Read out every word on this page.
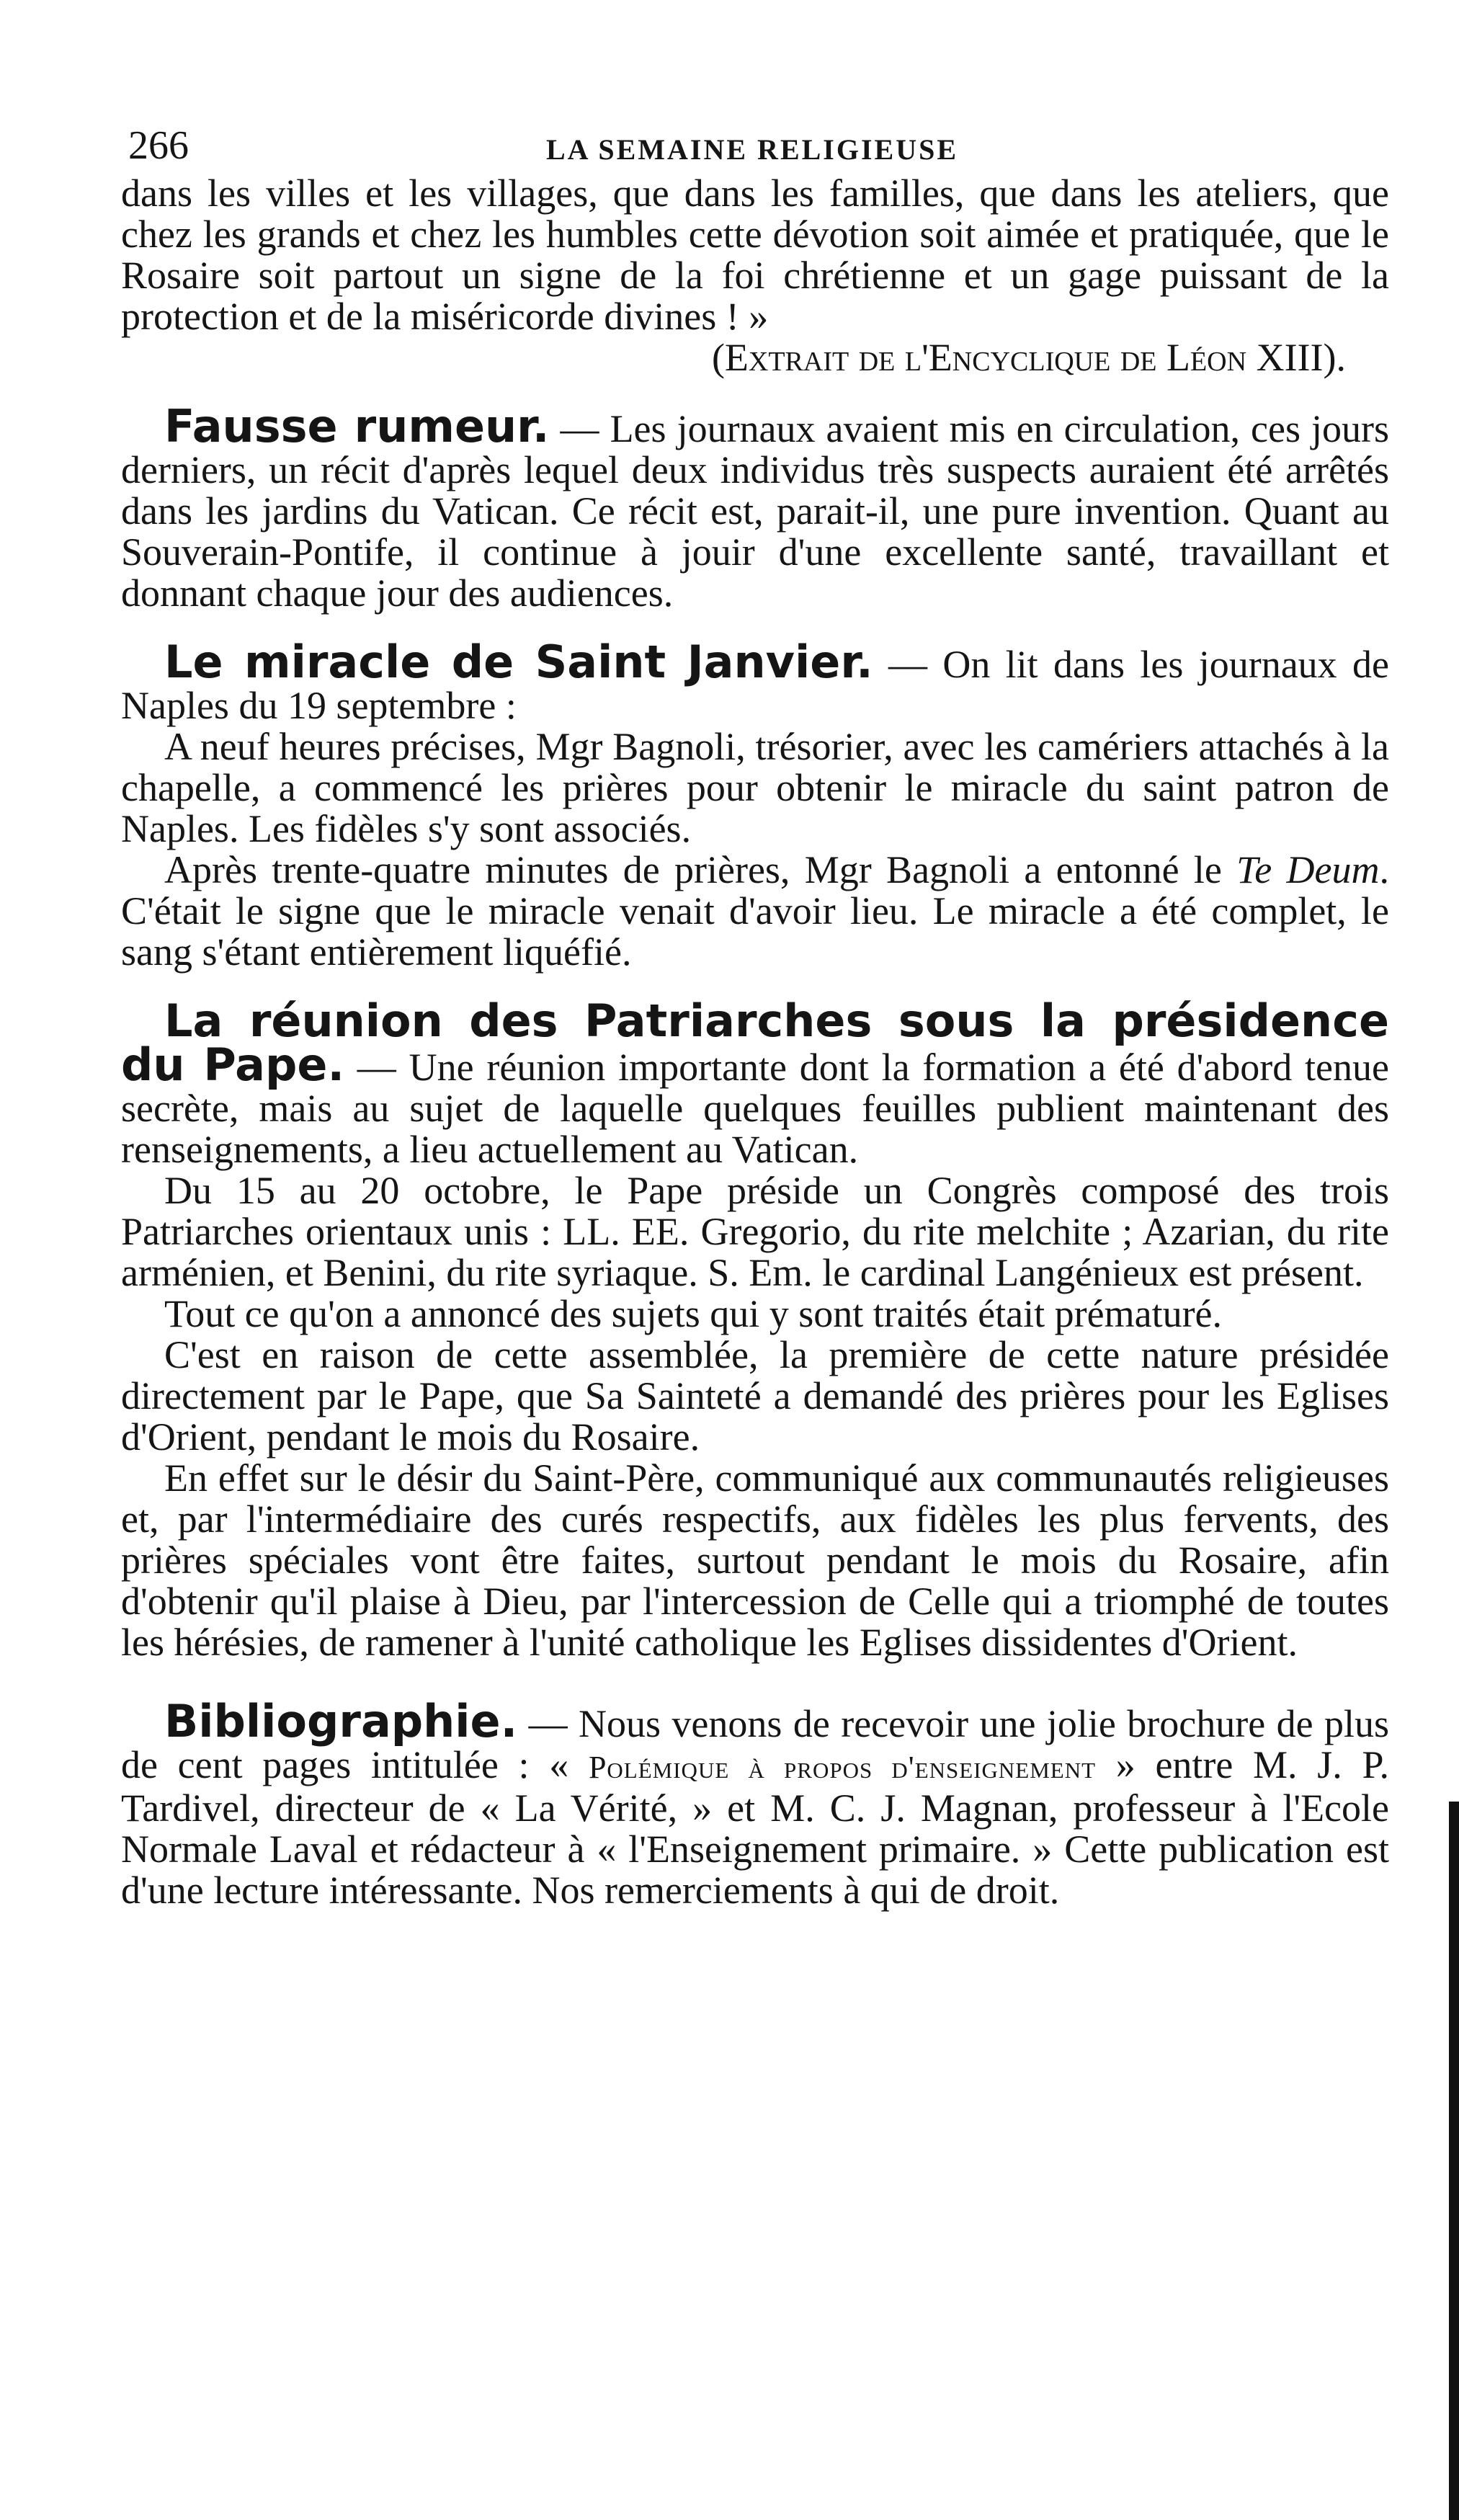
266	LA SEMAINE RELIGIEUSE

dans les villes et les villages, que dans les familles, que dans les ateliers, que chez les grands et chez les humbles cette dévotion soit aimée et pratiquée, que le Rosaire soit partout un signe de la foi chrétienne et un gage puissant de la protection et de la miséricorde divines ! »

(Extrait de l'Encyclique de Léon XIII).

Fausse rumeur. — Les journaux avaient mis en circulation, ces jours derniers, un récit d'après lequel deux individus très suspects auraient été arrêtés dans les jardins du Vatican. Ce récit est, parait-il, une pure invention. Quant au Souverain-Pontife, il continue à jouir d'une excellente santé, travaillant et donnant chaque jour des audiences.

Le miracle de Saint Janvier. — On lit dans les journaux de Naples du 19 septembre :

A neuf heures précises, Mgr Bagnoli, trésorier, avec les camériers attachés à la chapelle, a commencé les prières pour obtenir le miracle du saint patron de Naples. Les fidèles s'y sont associés.

Après trente-quatre minutes de prières, Mgr Bagnoli a entonné le Te Deum. C'était le signe que le miracle venait d'avoir lieu. Le miracle a été complet, le sang s'étant entièrement liquéfié.

La réunion des Patriarches sous la présidence du Pape. — Une réunion importante dont la formation a été d'abord tenue secrète, mais au sujet de laquelle quelques feuilles publient maintenant des renseignements, a lieu actuellement au Vatican.

Du 15 au 20 octobre, le Pape préside un Congrès composé des trois Patriarches orientaux unis : LL. EE. Gregorio, du rite melchite ; Azarian, du rite arménien, et Benini, du rite syriaque. S. Em. le cardinal Langénieux est présent.

Tout ce qu'on a annoncé des sujets qui y sont traités était prématuré.

C'est en raison de cette assemblée, la première de cette nature présidée directement par le Pape, que Sa Sainteté a demandé des prières pour les Eglises d'Orient, pendant le mois du Rosaire.

En effet sur le désir du Saint-Père, communiqué aux communautés religieuses et, par l'intermédiaire des curés respectifs, aux fidèles les plus fervents, des prières spéciales vont être faites, surtout pendant le mois du Rosaire, afin d'obtenir qu'il plaise à Dieu, par l'intercession de Celle qui a triomphé de toutes les hérésies, de ramener à l'unité catholique les Eglises dissidentes d'Orient.

Bibliographie. — Nous venons de recevoir une jolie brochure de plus de cent pages intitulée : « Polémique à propos d'enseignement » entre M. J. P. Tardivel, directeur de « La Vérité, » et M. C. J. Magnan, professeur à l'Ecole Normale Laval et rédacteur à « l'Enseignement primaire. » Cette publication est d'une lecture intéressante. Nos remerciements à qui de droit.
